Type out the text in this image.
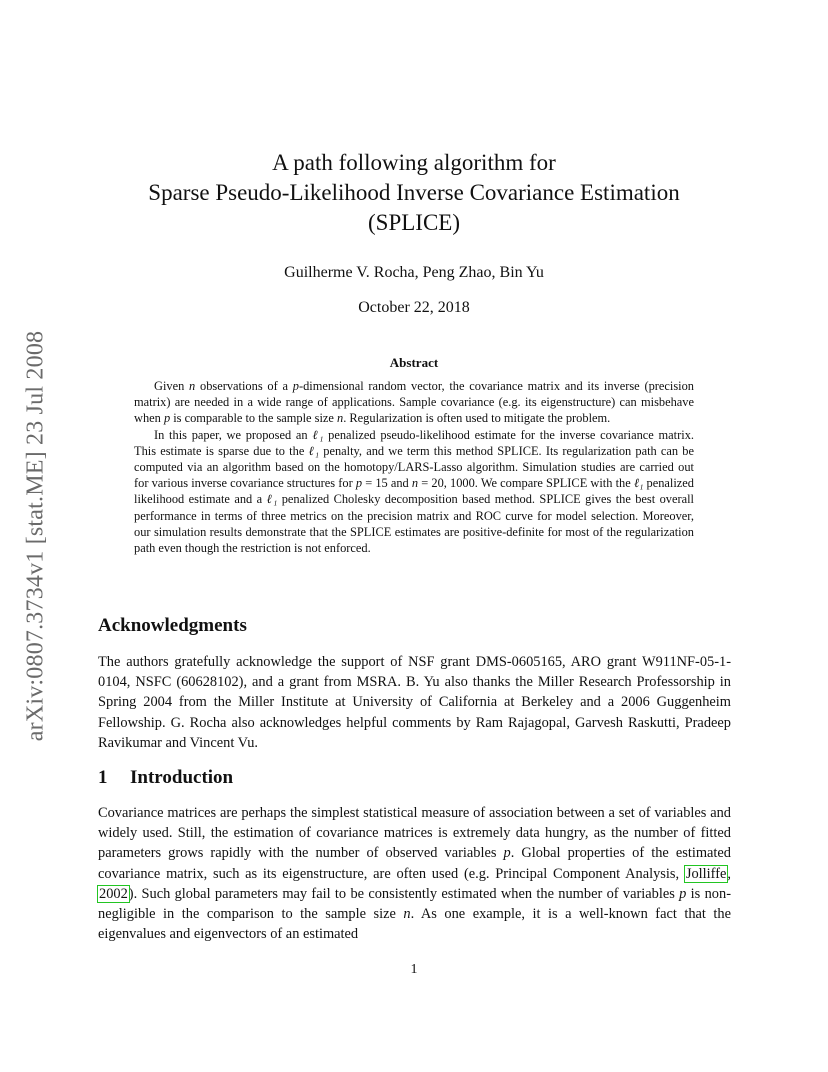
arXiv:0807.3734v1 [stat.ME] 23 Jul 2008
A path following algorithm for
Sparse Pseudo-Likelihood Inverse Covariance Estimation
(SPLICE)
Guilherme V. Rocha, Peng Zhao, Bin Yu
October 22, 2018
Abstract

Given n observations of a p-dimensional random vector, the covariance matrix and its inverse (precision matrix) are needed in a wide range of applications. Sample covariance (e.g. its eigenstructure) can misbehave when p is comparable to the sample size n. Regularization is often used to mitigate the problem.

In this paper, we proposed an ℓ₁ penalized pseudo-likelihood estimate for the inverse covariance matrix. This estimate is sparse due to the ℓ₁ penalty, and we term this method SPLICE. Its regularization path can be computed via an algorithm based on the homotopy/LARS-Lasso algorithm. Simulation studies are carried out for various inverse covariance structures for p = 15 and n = 20, 1000. We compare SPLICE with the ℓ₁ penalized likelihood estimate and a ℓ₁ penalized Cholesky decomposition based method. SPLICE gives the best overall performance in terms of three metrics on the precision matrix and ROC curve for model selection. Moreover, our simulation results demonstrate that the SPLICE estimates are positive-definite for most of the regularization path even though the restriction is not enforced.

Acknowledgments

The authors gratefully acknowledge the support of NSF grant DMS-0605165, ARO grant W911NF-05-1-0104, NSFC (60628102), and a grant from MSRA. B. Yu also thanks the Miller Research Professorship in Spring 2004 from the Miller Institute at University of California at Berkeley and a 2006 Guggenheim Fellowship. G. Rocha also acknowledges helpful comments by Ram Rajagopal, Garvesh Raskutti, Pradeep Ravikumar and Vincent Vu.

1 Introduction

Covariance matrices are perhaps the simplest statistical measure of association between a set of variables and widely used. Still, the estimation of covariance matrices is extremely data hungry, as the number of fitted parameters grows rapidly with the number of observed variables p. Global properties of the estimated covariance matrix, such as its eigenstructure, are often used (e.g. Principal Component Analysis, Jolliffe, 2002). Such global parameters may fail to be consistently estimated when the number of variables p is non-negligible in the comparison to the sample size n. As one example, it is a well-known fact that the eigenvalues and eigenvectors of an estimated

1
